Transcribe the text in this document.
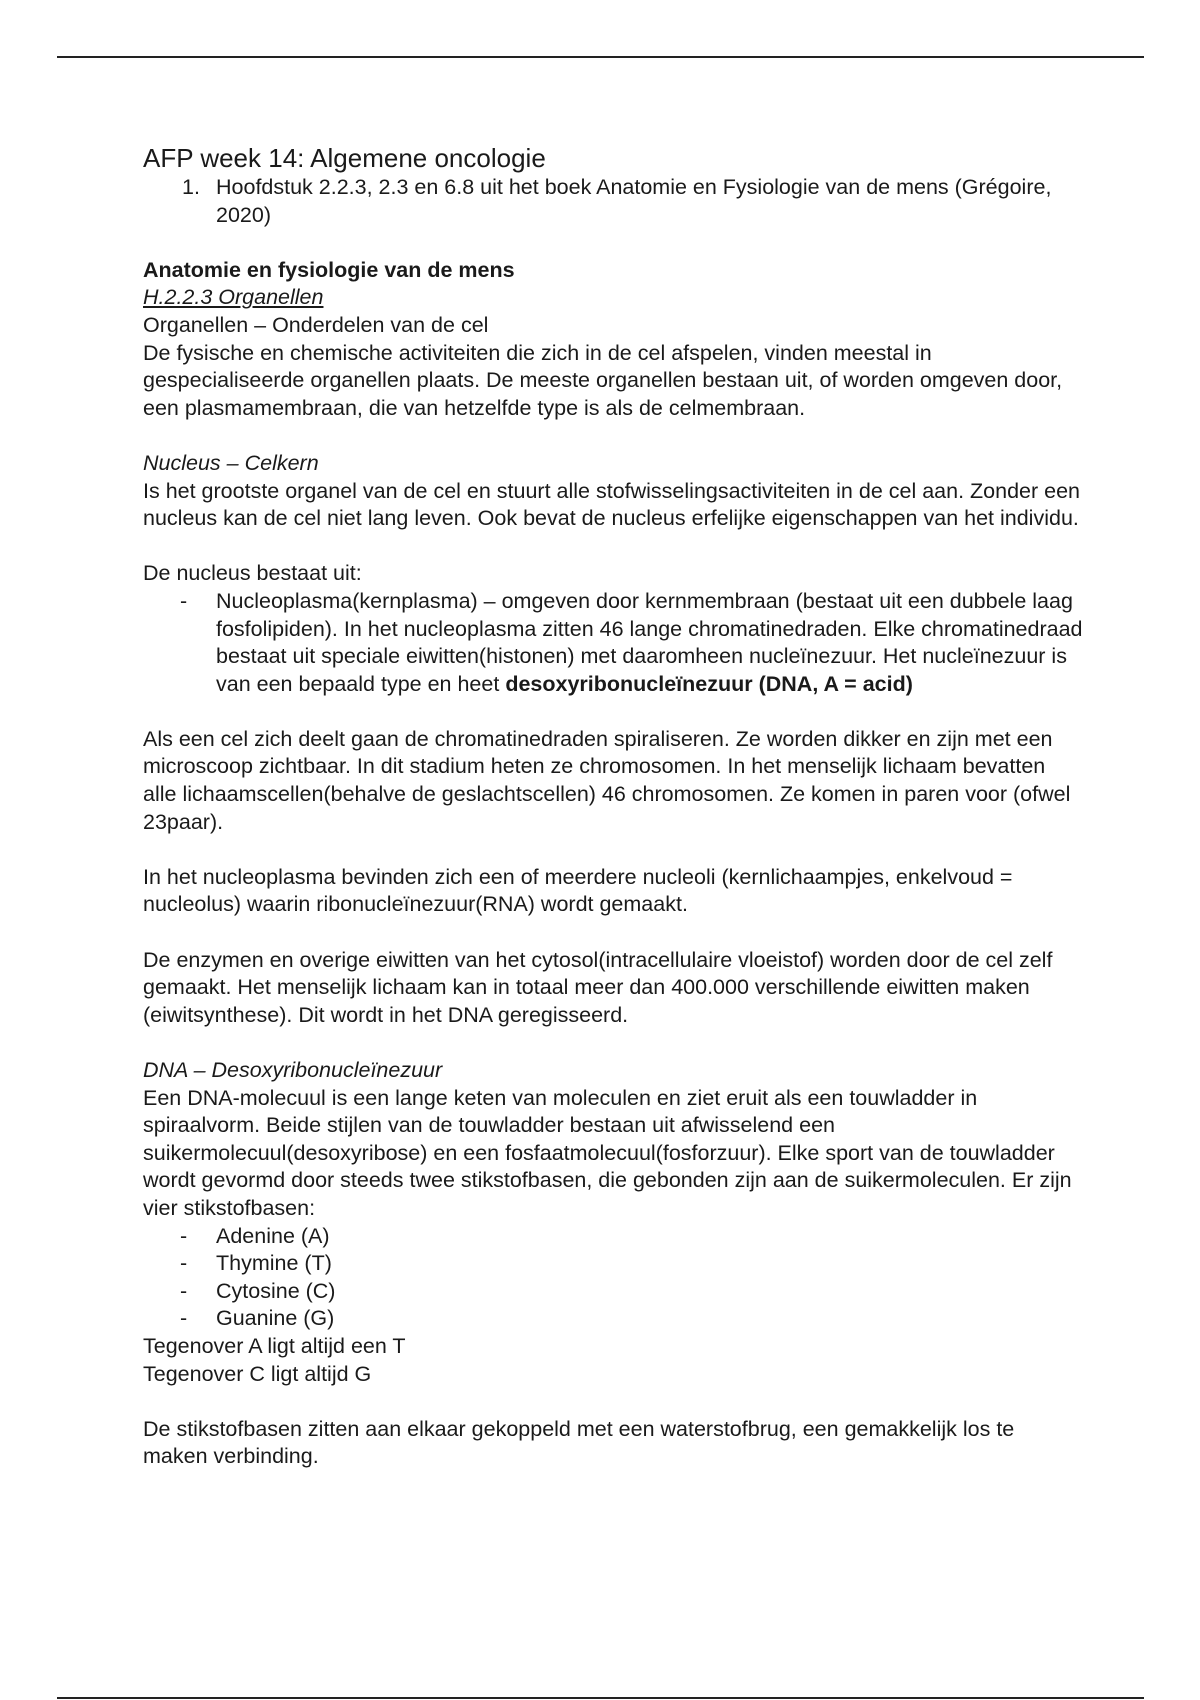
AFP week 14: Algemene oncologie
1. Hoofdstuk 2.2.3, 2.3 en 6.8 uit het boek Anatomie en Fysiologie van de mens (Grégoire, 2020)

Anatomie en fysiologie van de mens

H.2.2.3 Organellen

Organellen – Onderdelen van de cel

De fysische en chemische activiteiten die zich in de cel afspelen, vinden meestal in gespecialiseerde organellen plaats. De meeste organellen bestaan uit, of worden omgeven door, een plasmamembraan, die van hetzelfde type is als de celmembraan.

Nucleus – Celkern

Is het grootste organel van de cel en stuurt alle stofwisselingsactiviteiten in de cel aan. Zonder een nucleus kan de cel niet lang leven. Ook bevat de nucleus erfelijke eigenschappen van het individu.

De nucleus bestaat uit:

- Nucleoplasma(kernplasma) – omgeven door kernmembraan (bestaat uit een dubbele laag fosfolipiden). In het nucleoplasma zitten 46 lange chromatinedraden. Elke chromatinedraad bestaat uit speciale eiwitten(histonen) met daaromheen nucleïnezuur. Het nucleïnezuur is van een bepaald type en heet desoxyribonucleïnezuur (DNA, A = acid)

Als een cel zich deelt gaan de chromatinedraden spiraliseren. Ze worden dikker en zijn met een microscoop zichtbaar. In dit stadium heten ze chromosomen. In het menselijk lichaam bevatten alle lichaamscellen(behalve de geslachtscellen) 46 chromosomen. Ze komen in paren voor (ofwel 23paar).

In het nucleoplasma bevinden zich een of meerdere nucleoli (kernlichaampjes, enkelvoud = nucleolus) waarin ribonucleïnezuur(RNA) wordt gemaakt.

De enzymen en overige eiwitten van het cytosol(intracellulaire vloeistof) worden door de cel zelf gemaakt. Het menselijk lichaam kan in totaal meer dan 400.000 verschillende eiwitten maken (eiwitsynthese). Dit wordt in het DNA geregisseerd.

DNA – Desoxyribonucleïnezuur

Een DNA-molecuul is een lange keten van moleculen en ziet eruit als een touwladder in spiraalvorm. Beide stijlen van de touwladder bestaan uit afwisselend een suikermolecuul(desoxyribose) en een fosfaatmolecuul(fosforzuur). Elke sport van de touwladder wordt gevormd door steeds twee stikstofbasen, die gebonden zijn aan de suikermoleculen. Er zijn vier stikstofbasen:

- Adenine (A)
- Thymine (T)
- Cytosine (C)
- Guanine (G)

Tegenover A ligt altijd een T

Tegenover C ligt altijd G

De stikstofbasen zitten aan elkaar gekoppeld met een waterstofbrug, een gemakkelijk los te maken verbinding.
